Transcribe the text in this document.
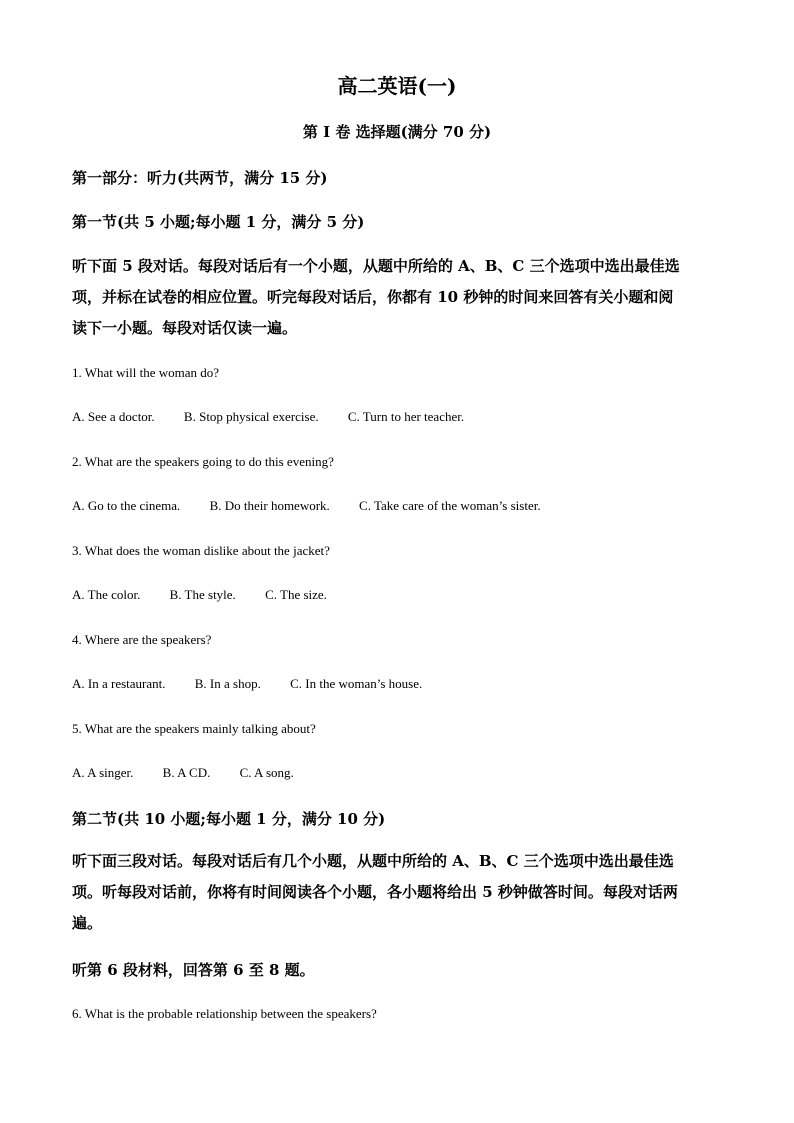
高二英语(一)
第 I 卷 选择题(满分 70 分)
第一部分：听力(共两节，满分 15 分)
第一节(共 5 小题;每小题 1 分，满分 5 分)
听下面 5 段对话。每段对话后有一个小题，从题中所给的 A、B、C 三个选项中选出最佳选
项，并标在试卷的相应位置。听完每段对话后，你都有 10 秒钟的时间来回答有关小题和阅
读下一小题。每段对话仅读一遍。
1. What will the woman do?
A. See a doctor. B. Stop physical exercise. C. Turn to her teacher.
2. What are the speakers going to do this evening?
A. Go to the cinema. B. Do their homework. C. Take care of the woman’s sister.
3. What does the woman dislike about the jacket?
A. The color. B. The style. C. The size.
4. Where are the speakers?
A. In a restaurant. B. In a shop. C. In the woman’s house.
5. What are the speakers mainly talking about?
A. A singer. B. A CD. C. A song.
第二节(共 10 小题;每小题 1 分，满分 10 分)
听下面三段对话。每段对话后有几个小题，从题中所给的 A、B、C 三个选项中选出最佳选
项。听每段对话前，你将有时间阅读各个小题，各小题将给出 5 秒钟做答时间。每段对话两
遍。
听第 6 段材料，回答第 6 至 8 题。
6. What is the probable relationship between the speakers?
